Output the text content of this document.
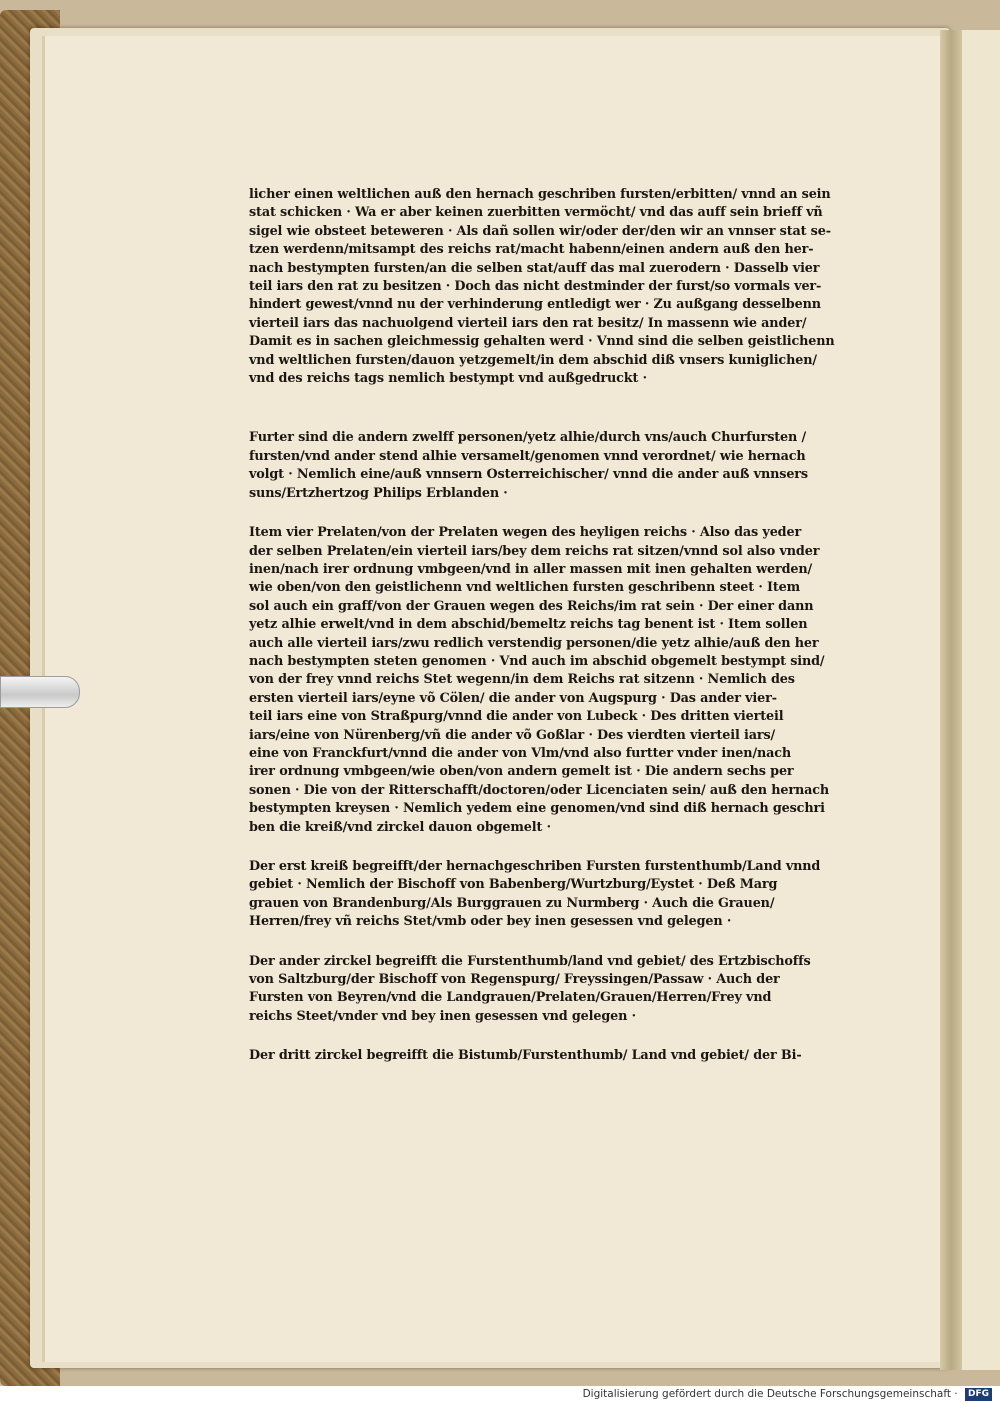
licher einen weltlichen auß den hernach geschriben fursten/erbitten/ vnnd an sein
stat schicken · Wa er aber keinen zuerbitten vermöcht/ vnd das auff sein brieff vñ
sigel wie obsteet beteweren · Als dañ sollen wir/oder der/den wir an vnnser stat se-
tzen werdenn/mitsampt des reichs rat/macht habenn/einen andern auß den her-
nach bestympten fursten/an die selben stat/auff das mal zuerodern · Dasselb vier
teil iars den rat zu besitzen · Doch das nicht destminder der furst/so vormals ver-
hindert gewest/vnnd nu der verhinderung entledigt wer · Zu außgang desselbenn
vierteil iars das nachuolgend vierteil iars den rat besitz/ In massenn wie ander/
Damit es in sachen gleichmessig gehalten werd · Vnnd sind die selben geistlichenn
vnd weltlichen fursten/dauon yetzgemelt/in dem abschid diß vnsers kuniglichen/
vnd des reichs tags nemlich bestympt vnd außgedruckt ·

Furter sind die andern zwelff personen/yetz alhie/durch vns/auch Churfursten /
fursten/vnd ander stend alhie versamelt/genomen vnnd verordnet/ wie hernach
volgt · Nemlich eine/auß vnnsern Osterreichischer/ vnnd die ander auß vnnsers
suns/Ertzhertzog Philips Erblanden ·

Item vier Prelaten/von der Prelaten wegen des heyligen reichs · Also das yeder
der selben Prelaten/ein vierteil iars/bey dem reichs rat sitzen/vnnd sol also vnder
inen/nach irer ordnung vmbgeen/vnd in aller massen mit inen gehalten werden/
wie oben/von den geistlichenn vnd weltlichen fursten geschribenn steet · Item
sol auch ein graff/von der Grauen wegen des Reichs/im rat sein · Der einer dann
yetz alhie erwelt/vnd in dem abschid/bemeltz reichs tag benent ist · Item sollen
auch alle vierteil iars/zwu redlich verstendig personen/die yetz alhie/auß den her
nach bestympten steten genomen · Vnd auch im abschid obgemelt bestympt sind/
von der frey vnnd reichs Stet wegenn/in dem Reichs rat sitzenn · Nemlich des
ersten vierteil iars/eyne võ Cölen/ die ander von Augspurg · Das ander vier-
teil iars eine von Straßpurg/vnnd die ander von Lubeck · Des dritten vierteil
iars/eine von Nürenberg/vñ die ander võ Goßlar · Des vierdten vierteil iars/
eine von Franckfurt/vnnd die ander von Vlm/vnd also furtter vnder inen/nach
irer ordnung vmbgeen/wie oben/von andern gemelt ist · Die andern sechs per
sonen · Die von der Ritterschafft/doctoren/oder Licenciaten sein/ auß den hernach
bestympten kreysen · Nemlich yedem eine genomen/vnd sind diß hernach geschri
ben die kreiß/vnd zirckel dauon obgemelt ·

Der erst kreiß begreifft/der hernachgeschriben Fursten furstenthumb/Land vnnd
gebiet · Nemlich der Bischoff von Babenberg/Wurtzburg/Eystet · Deß Marg
grauen von Brandenburg/Als Burggrauen zu Nurmberg · Auch die Grauen/
Herren/frey vñ reichs Stet/vmb oder bey inen gesessen vnd gelegen ·

Der ander zirckel begreifft die Furstenthumb/land vnd gebiet/ des Ertzbischoffs
von Saltzburg/der Bischoff von Regenspurg/ Freyssingen/Passaw · Auch der
Fursten von Beyren/vnd die Landgrauen/Prelaten/Grauen/Herren/Frey vnd
reichs Steet/vnder vnd bey inen gesessen vnd gelegen ·

Der dritt zirckel begreifft die Bistumb/Furstenthumb/ Land vnd gebiet/ der Bi-

Digitalisierung gefördert durch die Deutsche Forschungsgemeinschaft · DFG
